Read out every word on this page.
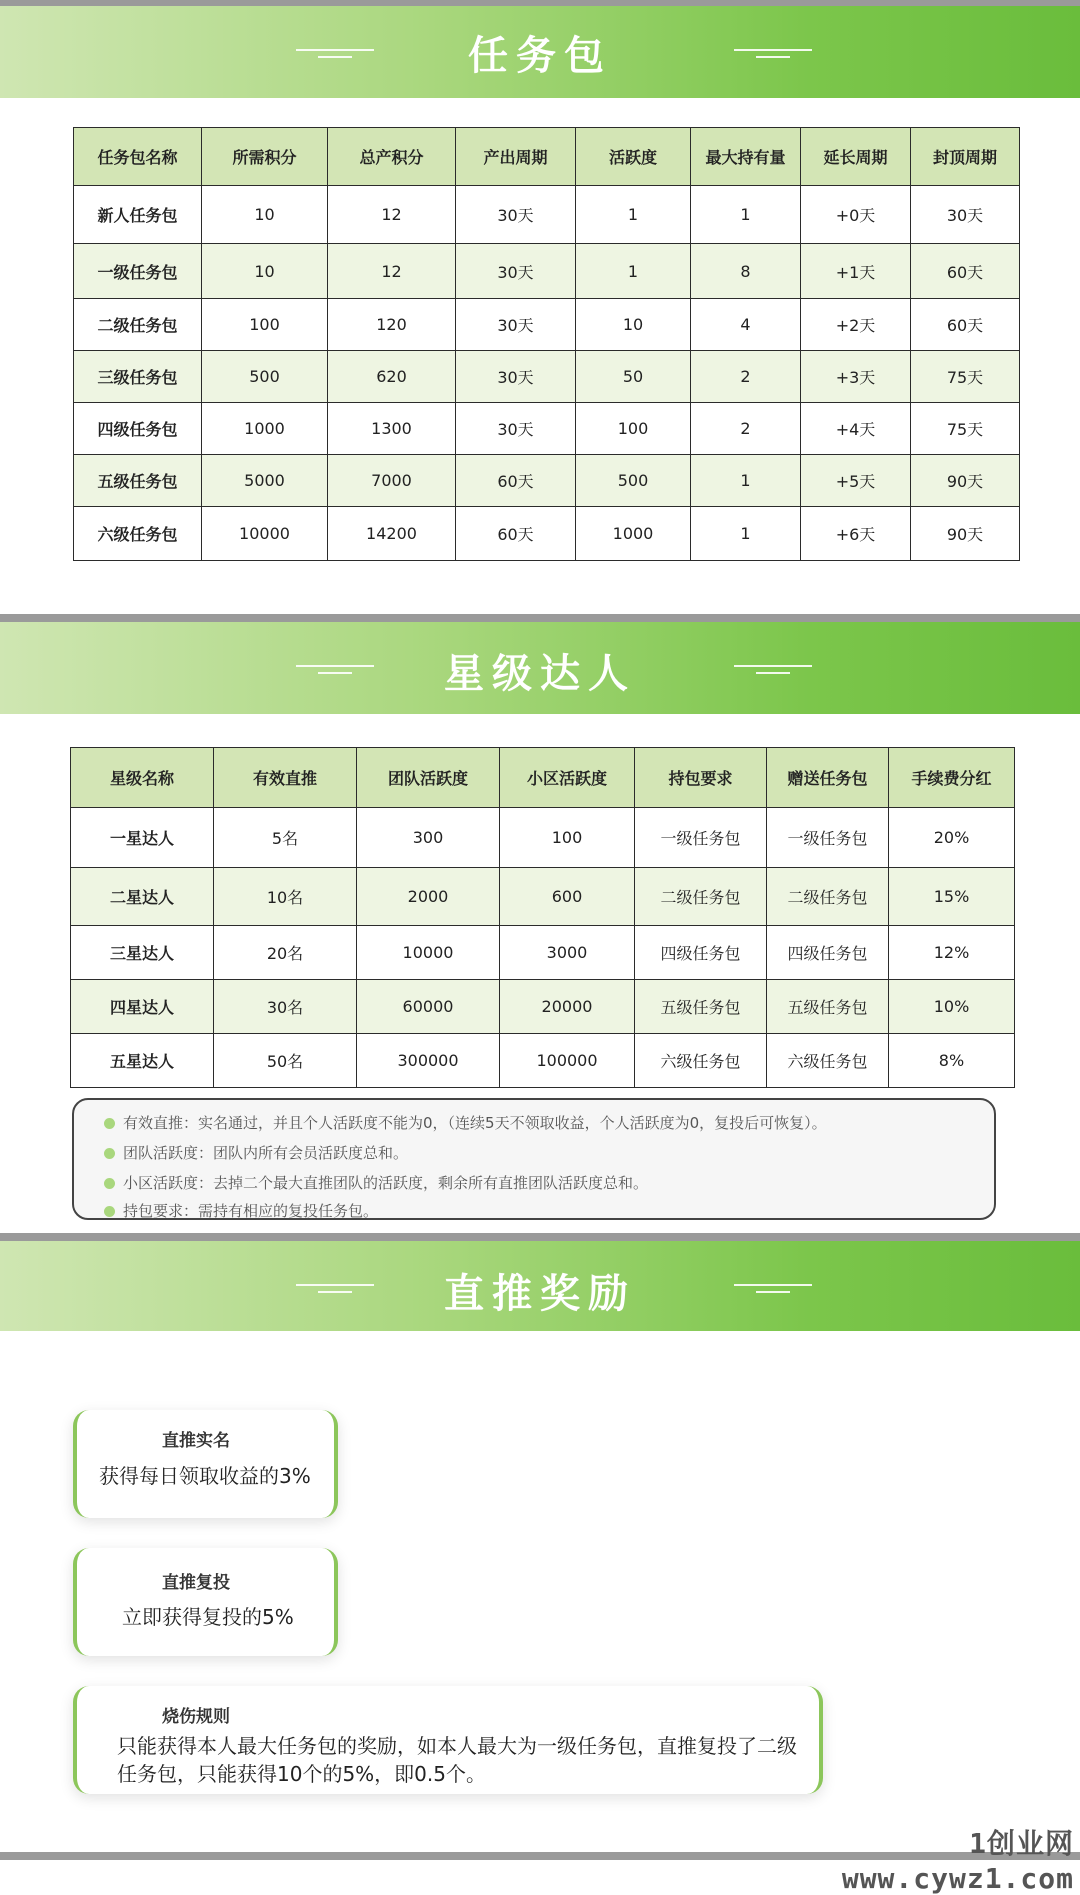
任务包
任务包名称	所需积分	总产积分	产出周期	活跃度	最大持有量	延长周期	封顶周期
新人任务包	10	12	30天	1	1	+0天	30天
一级任务包	10	12	30天	1	8	+1天	60天
二级任务包	100	120	30天	10	4	+2天	60天
三级任务包	500	620	30天	50	2	+3天	75天
四级任务包	1000	1300	30天	100	2	+4天	75天
五级任务包	5000	7000	60天	500	1	+5天	90天
六级任务包	10000	14200	60天	1000	1	+6天	90天
星级达人
星级名称	有效直推	团队活跃度	小区活跃度	持包要求	赠送任务包	手续费分红
一星达人	5名	300	100	一级任务包	一级任务包	20%
二星达人	10名	2000	600	二级任务包	二级任务包	15%
三星达人	20名	10000	3000	四级任务包	四级任务包	12%
四星达人	30名	60000	20000	五级任务包	五级任务包	10%
五星达人	50名	300000	100000	六级任务包	六级任务包	8%
有效直推：实名通过，并且个人活跃度不能为0，（连续5天不领取收益，个人活跃度为0，复投后可恢复）。
团队活跃度：团队内所有会员活跃度总和。
小区活跃度：去掉二个最大直推团队的活跃度，剩余所有直推团队活跃度总和。
持包要求：需持有相应的复投任务包。
直推奖励
直推实名
获得每日领取收益的3%
直推复投
立即获得复投的5%
烧伤规则
只能获得本人最大任务包的奖励，如本人最大为一级任务包，直推复投了二级任务包，只能获得10个的5%，即0.5个。
1创业网www.cywz1.com
